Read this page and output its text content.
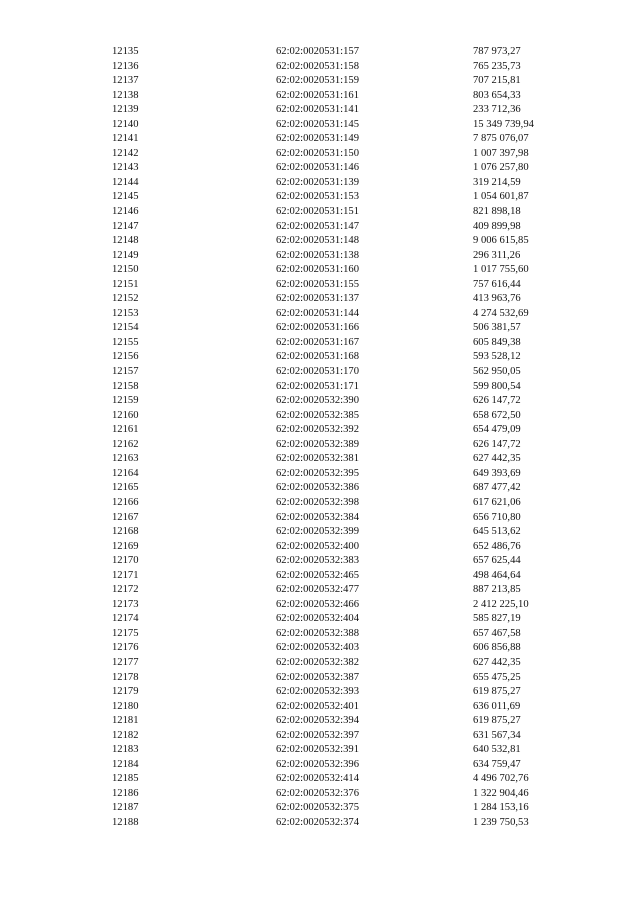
12135	62:02:0020531:157	787 973,27
12136	62:02:0020531:158	765 235,73
12137	62:02:0020531:159	707 215,81
12138	62:02:0020531:161	803 654,33
12139	62:02:0020531:141	233 712,36
12140	62:02:0020531:145	15 349 739,94
12141	62:02:0020531:149	7 875 076,07
12142	62:02:0020531:150	1 007 397,98
12143	62:02:0020531:146	1 076 257,80
12144	62:02:0020531:139	319 214,59
12145	62:02:0020531:153	1 054 601,87
12146	62:02:0020531:151	821 898,18
12147	62:02:0020531:147	409 899,98
12148	62:02:0020531:148	9 006 615,85
12149	62:02:0020531:138	296 311,26
12150	62:02:0020531:160	1 017 755,60
12151	62:02:0020531:155	757 616,44
12152	62:02:0020531:137	413 963,76
12153	62:02:0020531:144	4 274 532,69
12154	62:02:0020531:166	506 381,57
12155	62:02:0020531:167	605 849,38
12156	62:02:0020531:168	593 528,12
12157	62:02:0020531:170	562 950,05
12158	62:02:0020531:171	599 800,54
12159	62:02:0020532:390	626 147,72
12160	62:02:0020532:385	658 672,50
12161	62:02:0020532:392	654 479,09
12162	62:02:0020532:389	626 147,72
12163	62:02:0020532:381	627 442,35
12164	62:02:0020532:395	649 393,69
12165	62:02:0020532:386	687 477,42
12166	62:02:0020532:398	617 621,06
12167	62:02:0020532:384	656 710,80
12168	62:02:0020532:399	645 513,62
12169	62:02:0020532:400	652 486,76
12170	62:02:0020532:383	657 625,44
12171	62:02:0020532:465	498 464,64
12172	62:02:0020532:477	887 213,85
12173	62:02:0020532:466	2 412 225,10
12174	62:02:0020532:404	585 827,19
12175	62:02:0020532:388	657 467,58
12176	62:02:0020532:403	606 856,88
12177	62:02:0020532:382	627 442,35
12178	62:02:0020532:387	655 475,25
12179	62:02:0020532:393	619 875,27
12180	62:02:0020532:401	636 011,69
12181	62:02:0020532:394	619 875,27
12182	62:02:0020532:397	631 567,34
12183	62:02:0020532:391	640 532,81
12184	62:02:0020532:396	634 759,47
12185	62:02:0020532:414	4 496 702,76
12186	62:02:0020532:376	1 322 904,46
12187	62:02:0020532:375	1 284 153,16
12188	62:02:0020532:374	1 239 750,53
